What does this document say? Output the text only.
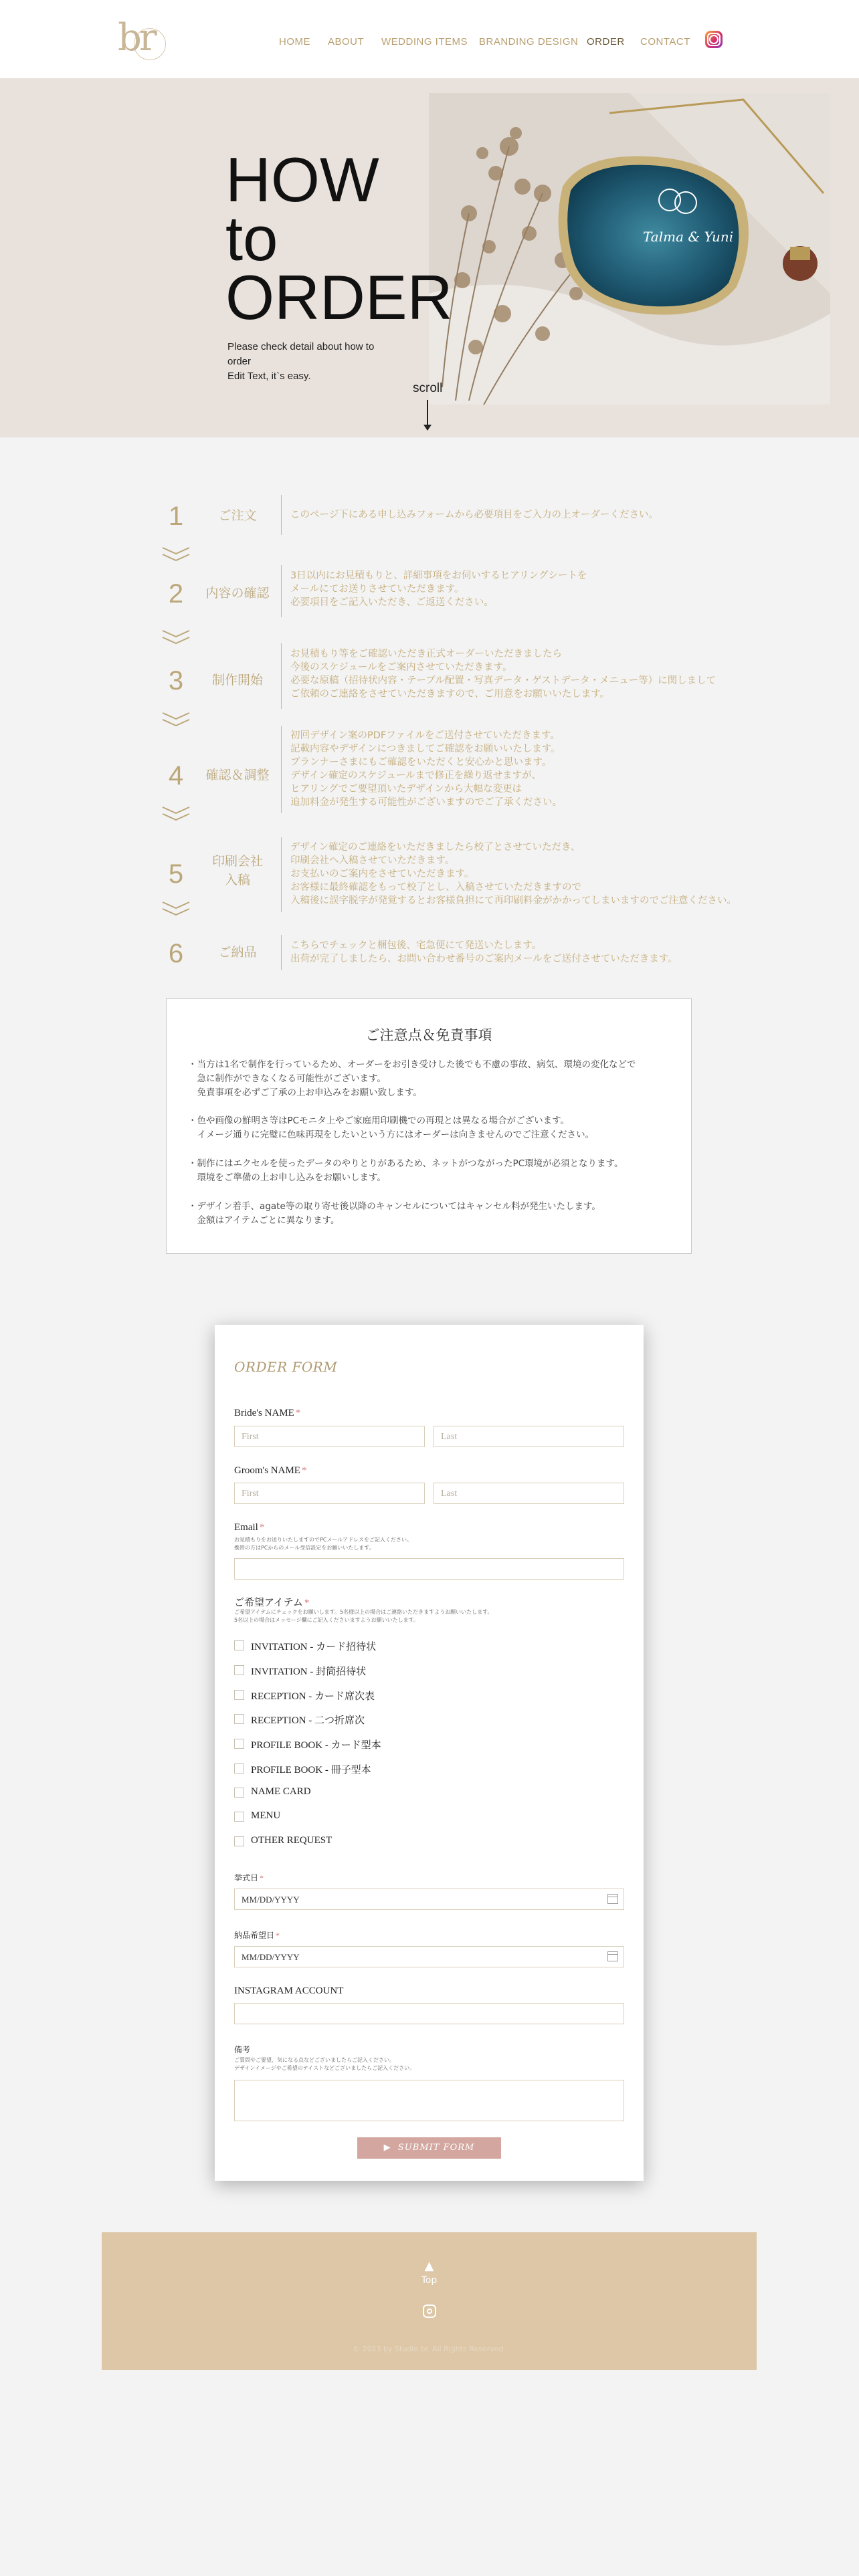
br	HOME ABOUT WEDDING ITEMS BRANDING DESIGN ORDER CONTACT
Talma & Yuni
HOW
to
ORDER
Please check detail about how to order
Edit Text, it`s easy.
scroll
1	ご注文	このページ下にある申し込みフォームから必要項目をご入力の上オーダーください。
2	内容の確認
3日以内にお見積もりと、詳細事項をお伺いするヒアリングシートを
メールにてお送りさせていただきます。
必要項目をご記入いただき、ご返送ください。
3	制作開始
お見積もり等をご確認いただき正式オーダーいただきましたら
今後のスケジュールをご案内させていただきます。
必要な原稿（招待状内容・テーブル配置・写真データ・ゲストデータ・メニュー等）に関しまして
ご依頼のご連絡をさせていただきますので、ご用意をお願いいたします。
4	確認＆調整
初回デザイン案のPDFファイルをご送付させていただきます。
記載内容やデザインにつきましてご確認をお願いいたします。
プランナーさまにもご確認をいただくと安心かと思います。
デザイン確定のスケジュールまで修正を繰り返せますが、
ヒアリングでご要望頂いたデザインから大幅な変更は
追加料金が発生する可能性がございますのでご了承ください。
5	印刷会社
入稿
デザイン確定のご連絡をいただきましたら校了とさせていただき、
印刷会社へ入稿させていただきます。
お支払いのご案内をさせていただきます。
お客様に最終確認をもって校了とし、入稿させていただきますので
入稿後に誤字脱字が発覚するとお客様負担にて再印刷料金がかかってしまいますのでご注意ください。
6	ご納品	こちらでチェックと梱包後、宅急便にて発送いたします。
出荷が完了しましたら、お問い合わせ番号のご案内メールをご送付させていただきます。
ご注意点＆免責事項
・当方は1名で制作を行っているため、オーダーをお引き受けした後でも不慮の事故、病気、環境の変化などで
　急に制作ができなくなる可能性がございます。
　免責事項を必ずご了承の上お申込みをお願い致します。
・色や画像の鮮明さ等はPCモニタ上やご家庭用印刷機での再現とは異なる場合がございます。
　イメージ通りに完璧に色味再現をしたいという方にはオーダーは向きませんのでご注意ください。
・制作にはエクセルを使ったデータのやりとりがあるため、ネットがつながったPC環境が必須となります。
　環境をご準備の上お申し込みをお願いします。
・デザイン着手、agate等の取り寄せ後以降のキャンセルについてはキャンセル料が発生いたします。
　金額はアイテムごとに異なります。
ORDER FORM
Bride's NAME *
First	Last
Groom's NAME *
First	Last
Email *
お見積もりをお送りいたしますのでPCメールアドレスをご記入ください。
携帯の方はPCからのメール受信設定をお願いいたします。
ご希望アイテム *
ご希望アイテムにチェックをお願いします。5名様以上の場合はご連絡いただきますようお願いいたします。
5名以上の場合はメッセージ欄にご記入くださいますようお願いいたします。
INVITATION - カード招待状
INVITATION - 封筒招待状
RECEPTION - カード席次表
RECEPTION - 二つ折席次
PROFILE BOOK - カード型本
PROFILE BOOK - 冊子型本
NAME CARD
MENU
OTHER REQUEST
挙式日 *
MM/DD/YYYY
納品希望日 *
MM/DD/YYYY
INSTAGRAM ACCOUNT
備考
ご質問やご要望、気になる点などございましたらご記入ください。
デザインイメージやご希望のテイストなどございましたらご記入ください。
▶  SUBMIT FORM
▲
Top
© 2023 by Studio br. All Rights Reserved.
